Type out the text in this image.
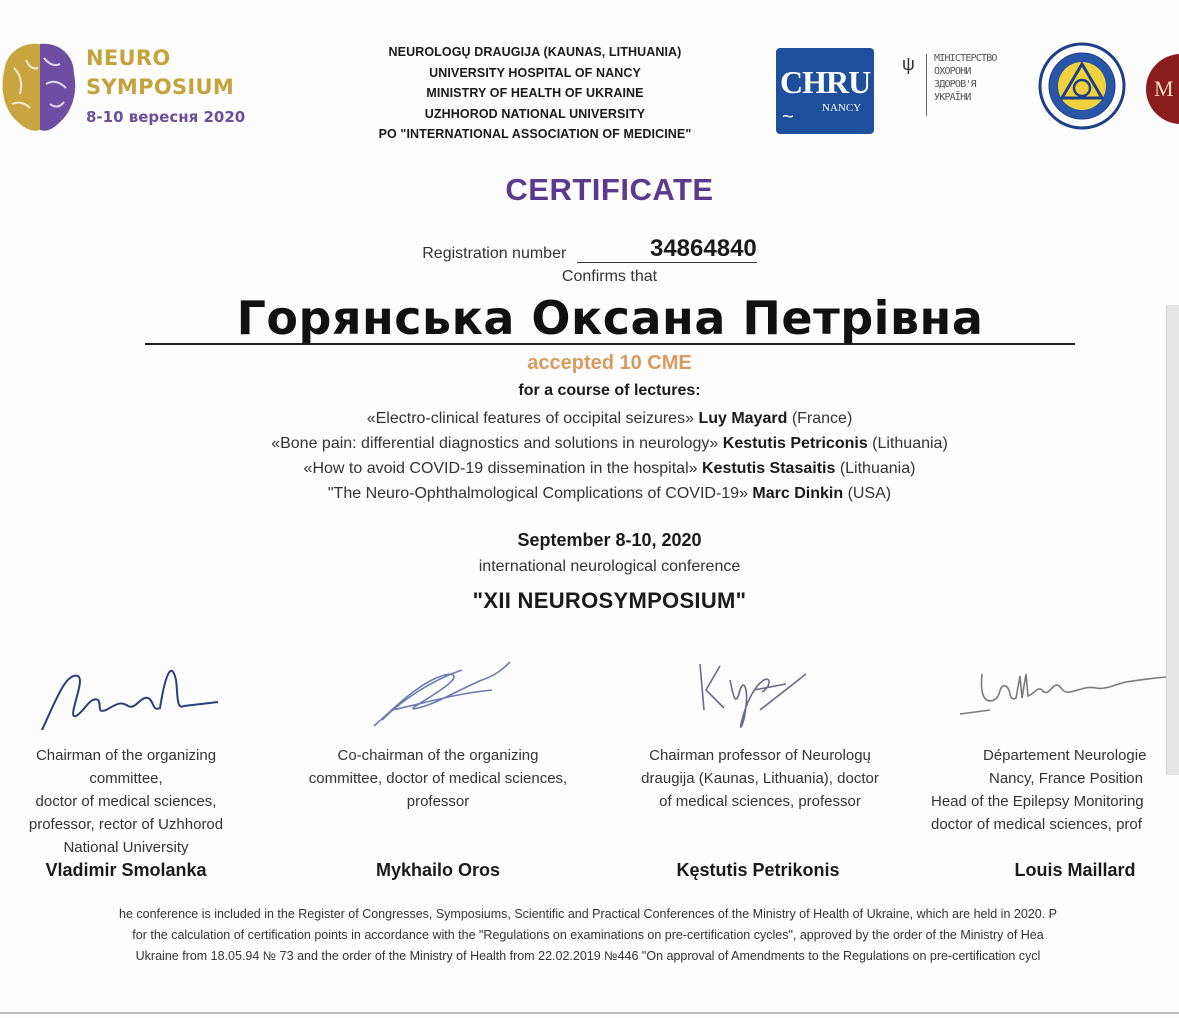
NEURO
SYMPOSIUM
8-10 вересня 2020
NEUROLOGŲ DRAUGIJA (KAUNAS, LITHUANIA)
UNIVERSITY HOSPITAL OF NANCY
MINISTRY OF HEALTH OF UKRAINE
UZHHOROD NATIONAL UNIVERSITY
PO "INTERNATIONAL ASSOCIATION OF MEDICINE"
CHRU
~	NANCY
ψ МІНІСТЕРСТВО
ОХОРОНИ
ЗДОРОВ'Я
УКРАЇНИ	M
CERTIFICATE
Registration number	34864840
Confirms that
Горянська Оксана Петрівна
accepted 10 CME
for a course of lectures:
«Electro-clinical features of occipital seizures» Luy Mayard (France)
«Bone pain: differential diagnostics and solutions in neurology» Kestutis Petriconis (Lithuania)
«How to avoid COVID-19 dissemination in the hospital» Kestutis Stasaitis (Lithuania)
"The Neuro-Ophthalmological Complications of COVID-19» Marc Dinkin (USA)
September 8-10, 2020
international neurological conference
"XII NEUROSYMPOSIUM"
Chairman of the organizing
committee,
doctor of medical sciences,
professor, rector of Uzhhorod
National University
Co-chairman of the organizing
committee, doctor of medical sciences,
professor
Chairman professor of Neurologų
draugija (Kaunas, Lithuania), doctor
of medical sciences, professor
Département Neurologie
Nancy, France Position
Head of the Epilepsy Monitoring
doctor of medical sciences, prof
Vladimir Smolanka	Mykhailo Oros	Kęstutis Petrikonis	Louis Maillard
he conference is included in the Register of Congresses, Symposiums, Scientific and Practical Conferences of the Ministry of Health of Ukraine, which are held in 2020. P
for the calculation of certification points in accordance with the "Regulations on examinations on pre-certification cycles", approved by the order of the Ministry of Hea
Ukraine from 18.05.94 № 73 and the order of the Ministry of Health from 22.02.2019 №446 "On approval of Amendments to the Regulations on pre-certification cycl
